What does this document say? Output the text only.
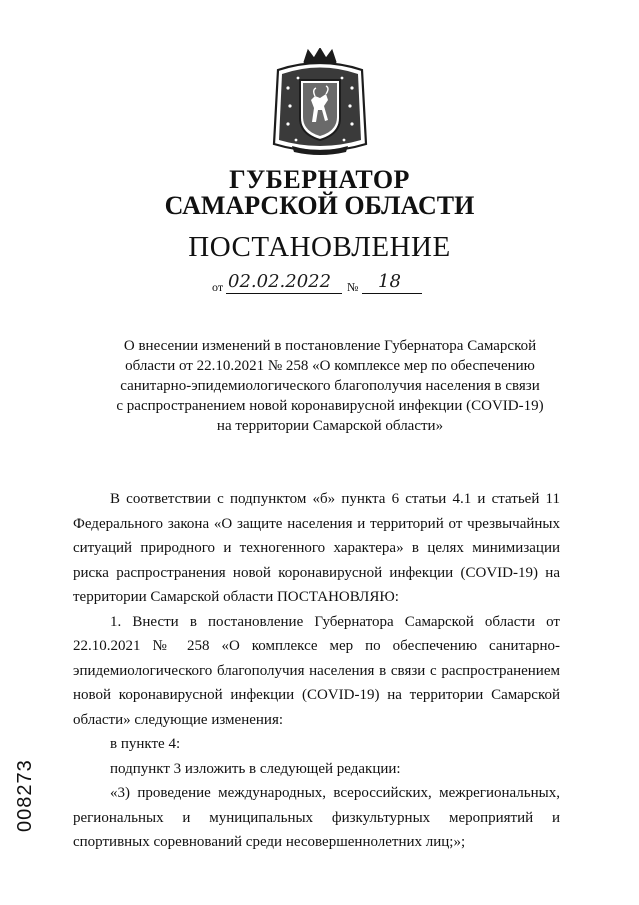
ГУБЕРНАТОР
САМАРСКОЙ ОБЛАСТИ
ПОСТАНОВЛЕНИЕ
от 02.02.2022 № 18
О внесении изменений в постановление Губернатора Самарской
области от 22.10.2021 № 258 «О комплексе мер по обеспечению
санитарно-эпидемиологического благополучия населения в связи
с распространением новой коронавирусной инфекции (COVID-19)
на территории Самарской области»

В соответствии с подпунктом «б» пункта 6 статьи 4.1 и статьей 11 Федерального закона «О защите населения и территорий от чрезвычайных ситуаций природного и техногенного характера» в целях минимизации риска распространения новой коронавирусной инфекции (COVID-19) на территории Самарской области ПОСТАНОВЛЯЮ:

1. Внести в постановление Губернатора Самарской области от 22.10.2021 № 258 «О комплексе мер по обеспечению санитарно-эпидемиологического благополучия населения в связи с распространением новой коронавирусной инфекции (COVID-19) на территории Самарской области» следующие изменения:

в пункте 4:

подпункт 3 изложить в следующей редакции:

«3) проведение международных, всероссийских, межрегиональных, региональных и муниципальных физкультурных мероприятий и спортивных соревнований среди несовершеннолетних лиц;»;

008273
